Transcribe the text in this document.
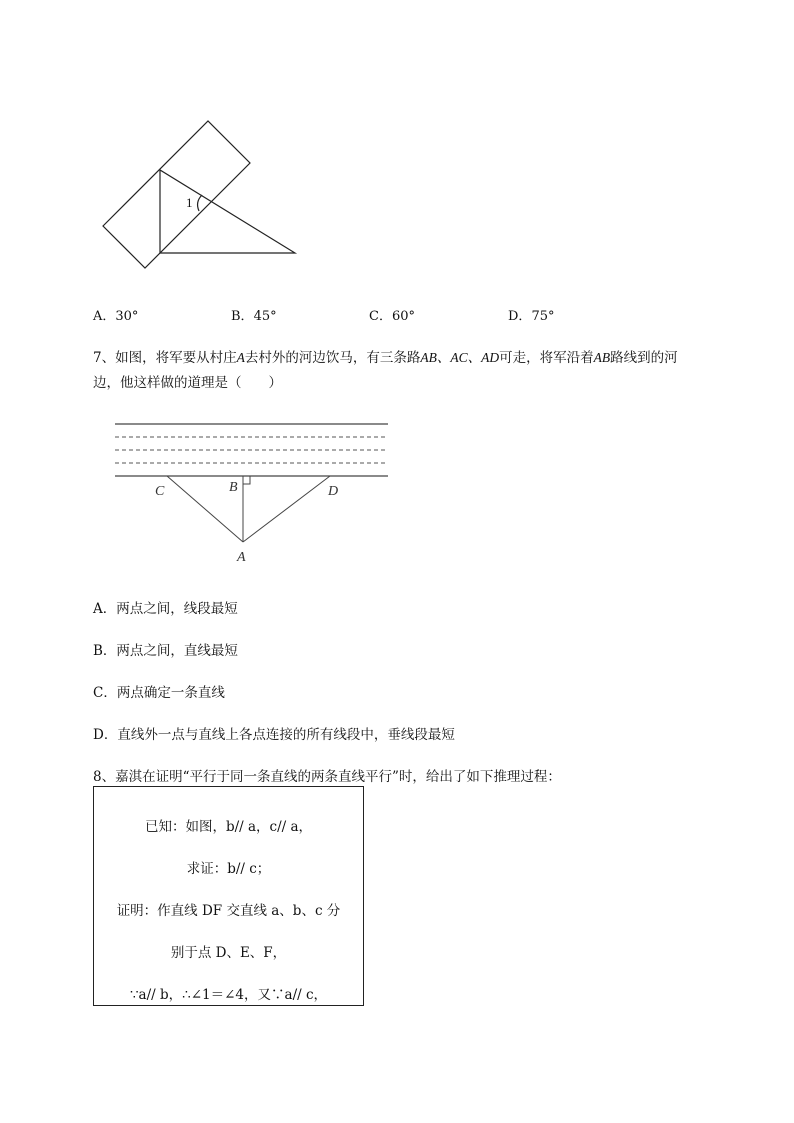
1
A．30°	B．45°	C．60°	D．75°
7、如图，将军要从村庄A去村外的河边饮马，有三条路AB、AC、AD可走，将军沿着AB路线到的河
边，他这样做的道理是（　　）
C	B	D
A
A．两点之间，线段最短
B．两点之间，直线最短
C．两点确定一条直线
D．直线外一点与直线上各点连接的所有线段中，垂线段最短
8、嘉淇在证明“平行于同一条直线的两条直线平行”时，给出了如下推理过程：
已知：如图，b// a，c// a，
求证：b// c；
证明：作直线 DF 交直线 a、b、c 分
别于点 D、E、F，
∵a// b，∴∠1＝∠4，又∵a// c，
